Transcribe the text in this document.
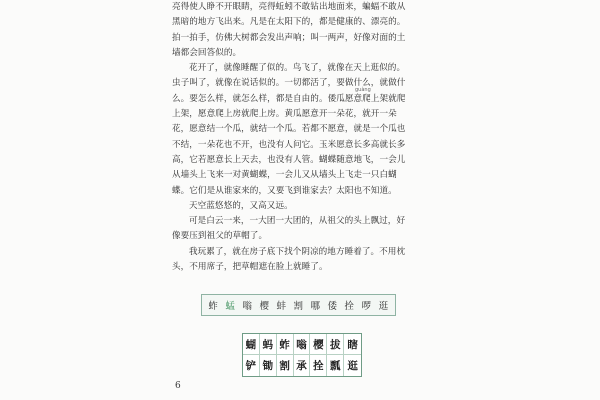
亮得使人睁不开眼睛，亮得蚯蚓不敢钻出地面来，蝙蝠不敢从黑暗的地方飞出来。凡是在太阳下的，都是健康的、漂亮的。拍一拍手，仿佛大树都会发出声响；叫一两声，好像对面的土墙都会回答似的。

花开了，就像睡醒了似的。鸟飞了，就像在天上逛似的。虫子叫了，就像在说话似的。一切都活了，要做什么，就做什么。要怎么样，就怎么样，都是自由的。倭瓜愿意爬上架就爬上架，愿意爬上房就爬上房。黄瓜愿意开一朵花，就开一朵花，愿意结一个瓜，就结一个瓜。若都不愿意，就是一个瓜也不结，一朵花也不开，也没有人问它。玉米愿意长多高就长多高，它若愿意长上天去，也没有人管。蝴蝶随意地飞，一会儿从墙头上飞来一对黄蝴蝶，一会儿又从墙头上飞走一只白蝴蝶。它们是从谁家来的，又要飞到谁家去？太阳也不知道。

天空蓝悠悠的，又高又远。

可是白云一来，一大团一大团的，从祖父的头上飘过，好像要压到祖父的草帽了。

我玩累了，就在房子底下找个阴凉的地方睡着了。不用枕头，不用席子，把草帽遮在脸上就睡了。

guàng
蚱 蜢 嗡 樱 蚌 割 哪 倭 拴 啰 逛
蝴 蚂 蚱 嗡 樱 拔 瞎
铲 锄 割 承 拴 瓢 逛
6
